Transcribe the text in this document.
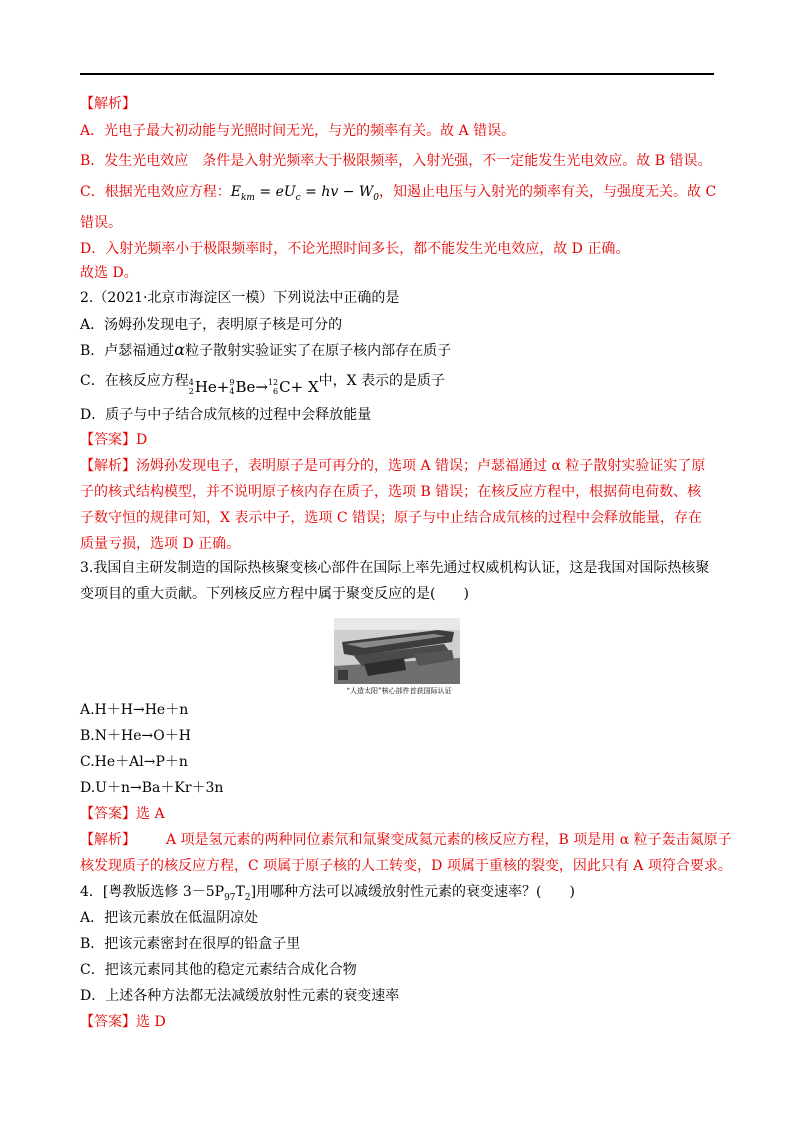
【解析】
A．光电子最大初动能与光照时间无光，与光的频率有关。故 A 错误。
B．发生光电效应　条件是入射光频率大于极限频率，入射光强，不一定能发生光电效应。故 B 错误。
C．根据光电效应方程：$E_{km} = eU_c$ = hv − $W_0$，知遏止电压与入射光的频率有关，与强度无关。故 C
错误。
D．入射光频率小于极限频率时，不论光照时间多长，都不能发生光电效应，故 D 正确。
故选 D。
2.（2021·北京市海淀区一模）下列说法中正确的是
A．汤姆孙发现电子，表明原子核是可分的
B．卢瑟福通过α粒子散射实验证实了在原子核内部存在质子
C．在核反应方程 4
2 He + 9
4 Be → 12
6 C + X 中，X 表示的是质子
D．质子与中子结合成氘核的过程中会释放能量
【答案】D
【解析】汤姆孙发现电子，表明原子是可再分的，选项 A 错误；卢瑟福通过 α 粒子散射实验证实了原
子的核式结构模型，并不说明原子核内存在质子，选项 B 错误；在核反应方程中，根据荷电荷数、核
子数守恒的规律可知，X 表示中子，选项 C 错误；原子与中止结合成氘核的过程中会释放能量，存在
质量亏损，选项 D 正确。
3.我国自主研发制造的国际热核聚变核心部件在国际上率先通过权威机构认证，这是我国对国际热核聚
变项目的重大贡献。下列核反应方程中属于聚变反应的是(　　)
“人造太阳”核心部件首获国际认证
A.H＋H→He＋n
B.N＋He→O＋H
C.He＋Al→P＋n
D.U＋n→Ba＋Kr＋3n
【答案】选 A
【解析】 A 项是氢元素的两种同位素氘和氚聚变成氦元素的核反应方程，B 项是用 α 粒子轰击氮原子
核发现质子的核反应方程，C 项属于原子核的人工转变，D 项属于重核的裂变，因此只有 A 项符合要求。
4．[粤教版选修 $3-5P_{97}T_2$]用哪种方法可以减缓放射性元素的衰变速率？(　　)
A．把该元素放在低温阴凉处
B．把该元素密封在很厚的铅盒子里
C．把该元素同其他的稳定元素结合成化合物
D．上述各种方法都无法减缓放射性元素的衰变速率
【答案】选 D
